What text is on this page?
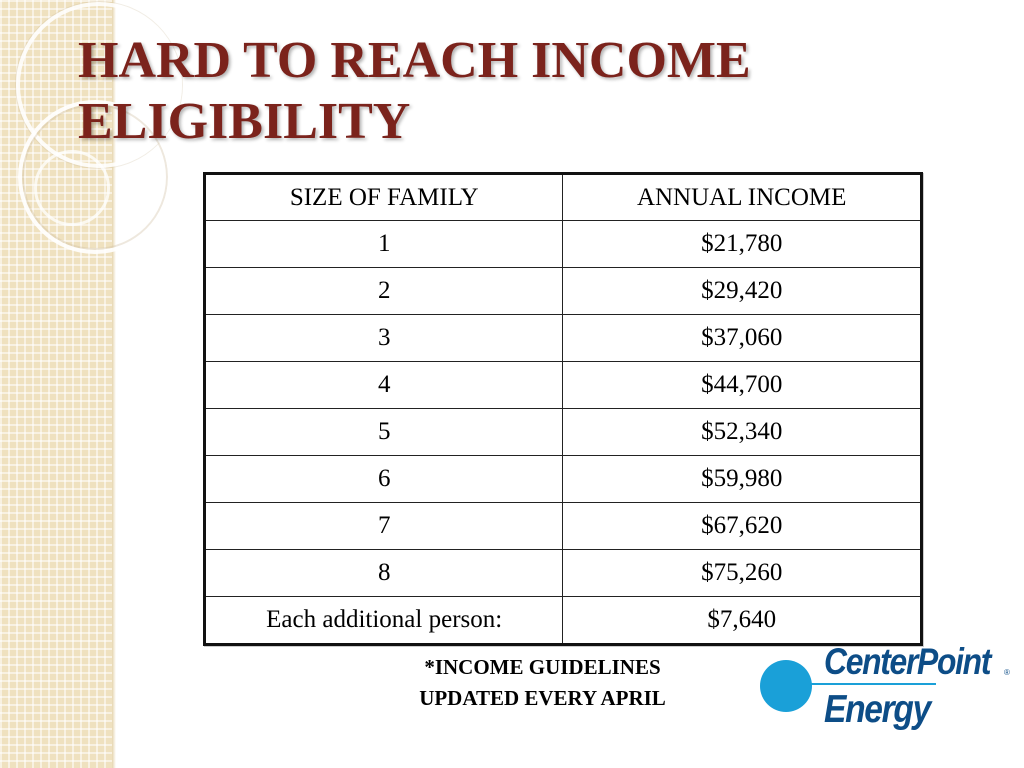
HARD TO REACH INCOME
ELIGIBILITY
SIZE OF FAMILY	ANNUAL INCOME
1	$21,780
2	$29,420
3	$37,060
4	$44,700
5	$52,340
6	$59,980
7	$67,620
8	$75,260
Each additional person:	$7,640
*INCOME GUIDELINES
UPDATED EVERY APRIL
CenterPoint
Energy
®
